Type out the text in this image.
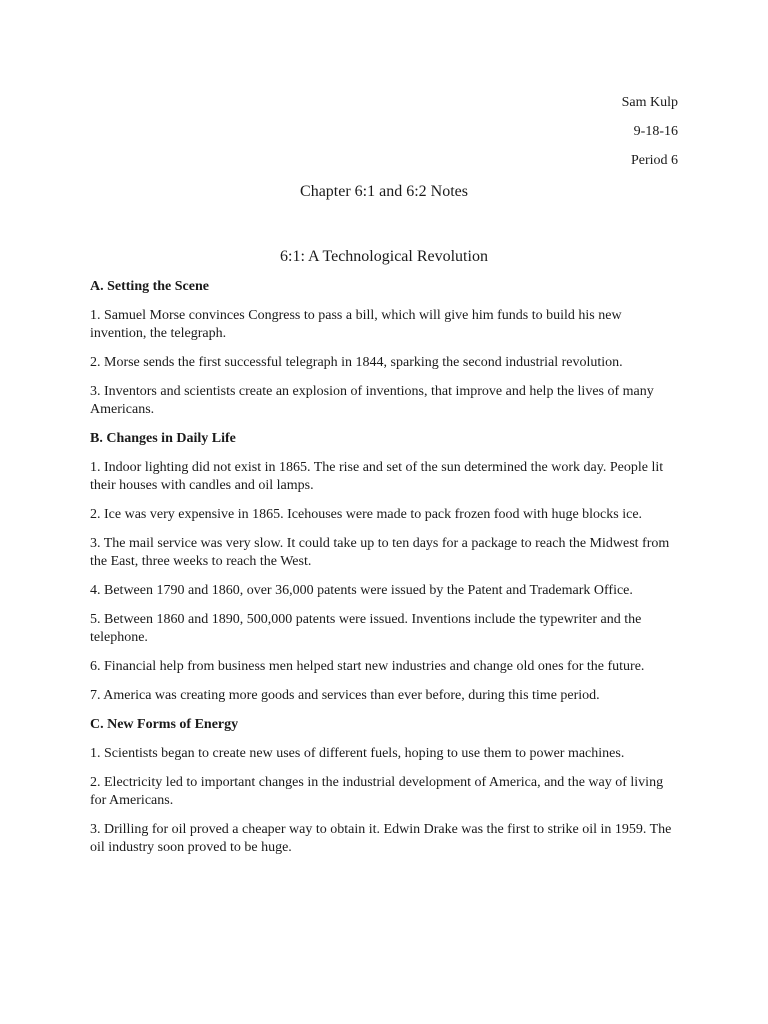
Sam Kulp
9-18-16
Period 6
Chapter 6:1 and 6:2 Notes
6:1: A Technological Revolution

A. Setting the Scene

1. Samuel Morse convinces Congress to pass a bill, which will give him funds to build his new invention, the telegraph.

2. Morse sends the first successful telegraph in 1844, sparking the second industrial revolution.

3. Inventors and scientists create an explosion of inventions, that improve and help the lives of many Americans.

B. Changes in Daily Life

1. Indoor lighting did not exist in 1865. The rise and set of the sun determined the work day. People lit their houses with candles and oil lamps.

2. Ice was very expensive in 1865. Icehouses were made to pack frozen food with huge blocks ice.

3. The mail service was very slow. It could take up to ten days for a package to reach the Midwest from the East, three weeks to reach the West.

4. Between 1790 and 1860, over 36,000 patents were issued by the Patent and Trademark Office.

5. Between 1860 and 1890, 500,000 patents were issued. Inventions include the typewriter and the telephone.

6. Financial help from business men helped start new industries and change old ones for the future.

7. America was creating more goods and services than ever before, during this time period.

C. New Forms of Energy

1. Scientists began to create new uses of different fuels, hoping to use them to power machines.

2. Electricity led to important changes in the industrial development of America, and the way of living for Americans.

3. Drilling for oil proved a cheaper way to obtain it. Edwin Drake was the first to strike oil in 1959. The oil industry soon proved to be huge.
